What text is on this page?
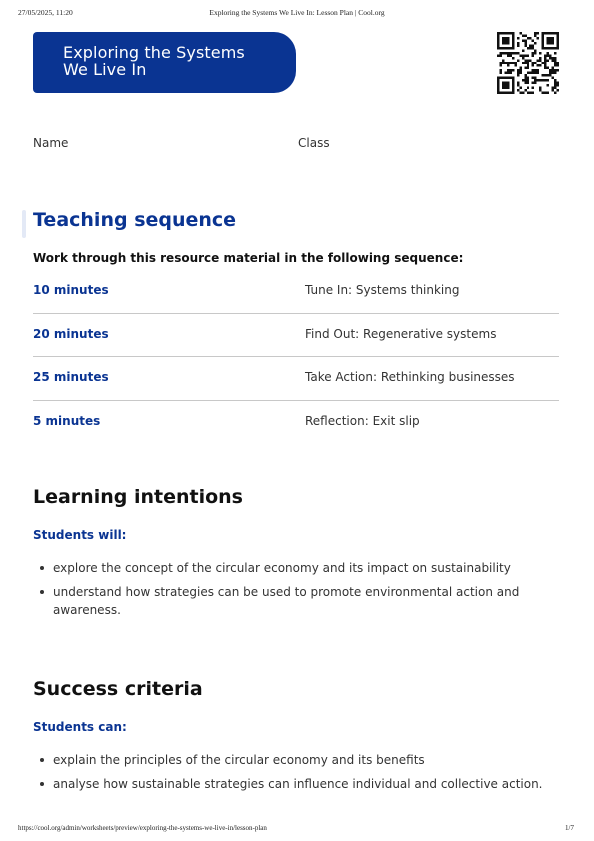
27/05/2025, 11:20	Exploring the Systems We Live In: Lesson Plan | Cool.org
Exploring the Systems
We Live In
Name	Class
Teaching sequence
Work through this resource material in the following sequence:
10 minutes	Tune In: Systems thinking
20 minutes	Find Out: Regenerative systems
25 minutes	Take Action: Rethinking businesses
5 minutes	Reflection: Exit slip
Learning intentions
Students will:
explore the concept of the circular economy and its impact on sustainability
understand how strategies can be used to promote environmental action and awareness.
Success criteria
Students can:
explain the principles of the circular economy and its benefits
analyse how sustainable strategies can influence individual and collective action.
https://cool.org/admin/worksheets/preview/exploring-the-systems-we-live-in/lesson-plan	1/7
